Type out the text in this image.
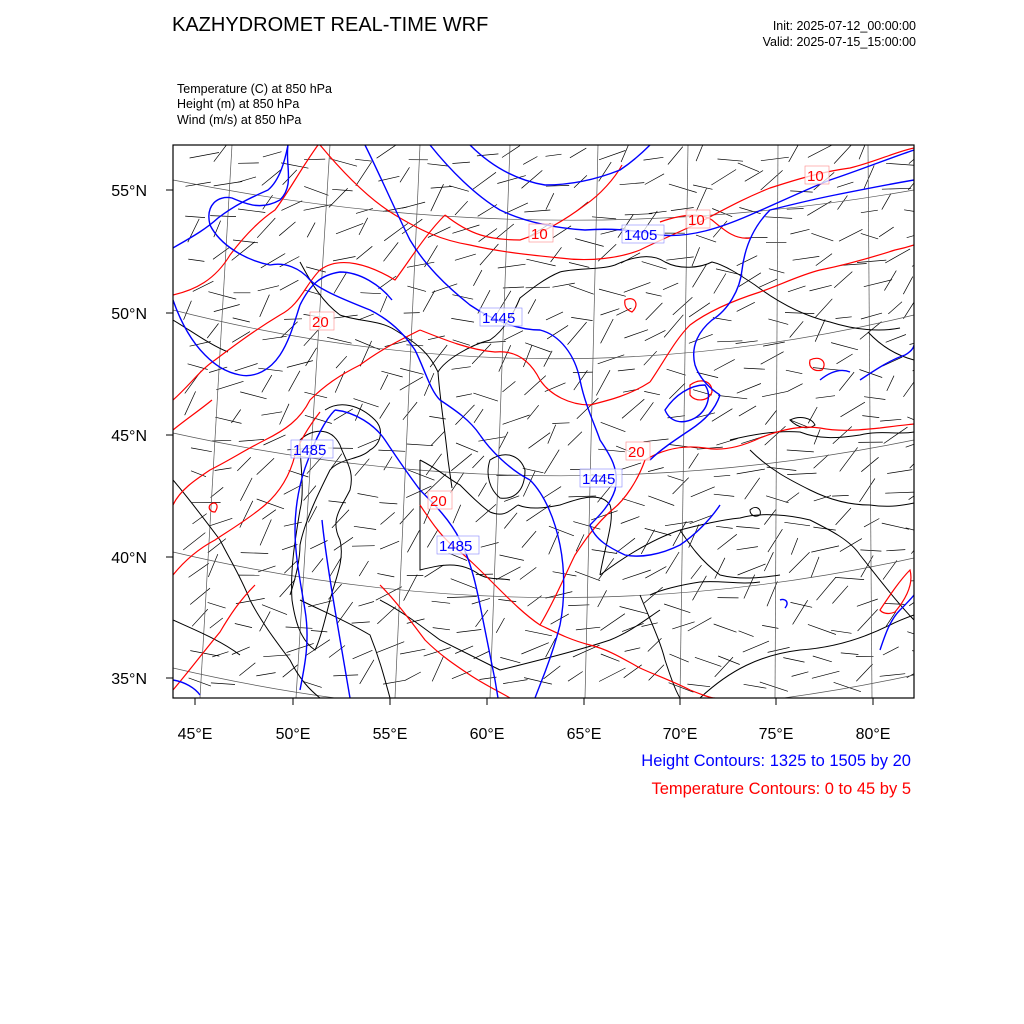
KAZHYDROMET REAL-TIME WRF	Init: 2025-07-12_00:00:00
Valid: 2025-07-15_15:00:00
Temperature (C) at 850 hPa
Height (m) at 850 hPa
Wind (m/s) at 850 hPa
55°N
50°N
45°N
40°N
35°N
45°E	50°E	55°E	60°E	65°E	70°E	75°E	80°E
1405
1445
1485
1445
1485
10
10
10
20
20
20
Height Contours: 1325 to 1505 by 20
Temperature Contours: 0 to 45 by 5
